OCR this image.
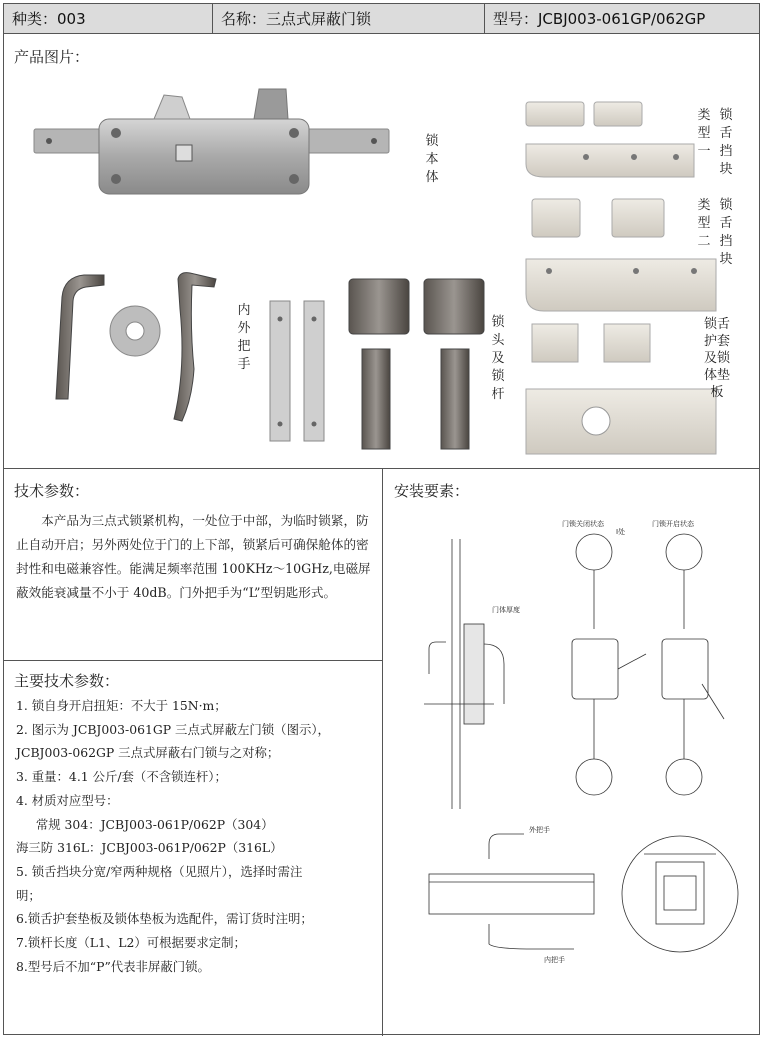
种类：003	名称：三点式屏蔽门锁	型号：JCBJ003-061GP/062GP
产品图片：
锁本体
内外把手
锁头及锁杆
类型一
锁舌挡块
类型二
锁舌挡块
锁舌护套及锁体垫板
技术参数：
本产品为三点式锁紧机构，一处位于中部，为临时锁紧，防止自动开启；另外两处位于门的上下部，锁紧后可确保舱体的密封性和电磁兼容性。能满足频率范围 100KHz～10GHz,电磁屏蔽效能衰减量不小于 40dB。门外把手为“L”型钥匙形式。
主要技术参数：
1. 锁自身开启扭矩：不大于 15N·m；
2. 图示为 JCBJ003-061GP 三点式屏蔽左门锁（图示），
JCBJ003-062GP 三点式屏蔽右门锁与之对称；
3. 重量：4.1 公斤/套（不含锁连杆）；
4. 材质对应型号：
常规 304：JCBJ003-061P/062P（304）
海三防 316L：JCBJ003-061P/062P（316L）
5. 锁舌挡块分宽/窄两种规格（见照片），选择时需注
明；
6.锁舌护套垫板及锁体垫板为选配件，需订货时注明；
7.锁杆长度（L1、L2）可根据要求定制；
8.型号后不加“P”代表非屏蔽门锁。
安装要素：
门锁关闭状态	门锁开启状态
门体厚度
I处
外把手
内把手
